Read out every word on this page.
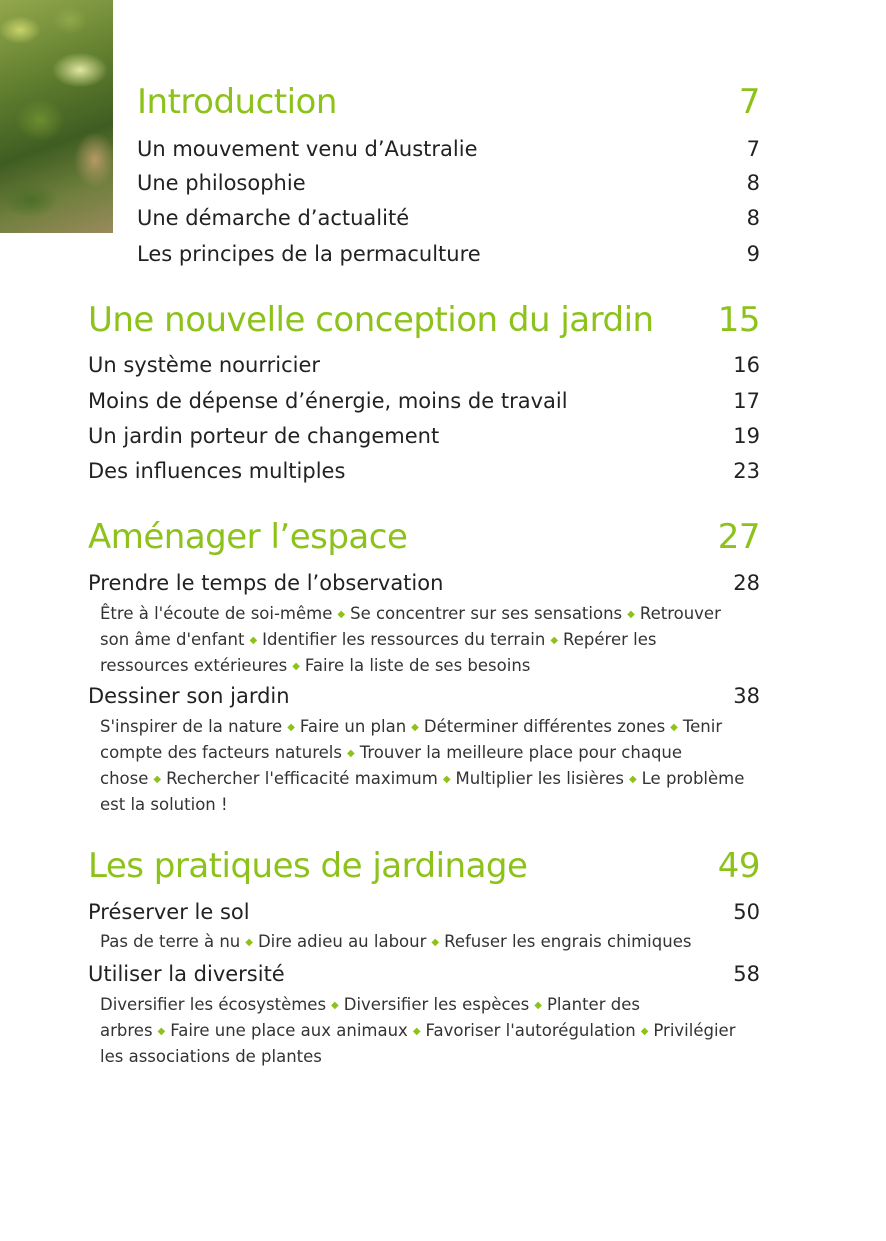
Introduction	7
Un mouvement venu d’Australie	7
Une philosophie	8
Une démarche d’actualité	8
Les principes de la permaculture	9
Une nouvelle conception du jardin 15
Un système nourricier	16
Moins de dépense d’énergie, moins de travail	17
Un jardin porteur de changement	19
Des influences multiples	23
Aménager l’espace	27
Prendre le temps de l’observation	28
Être à l'écoute de soi-même ◆ Se concentrer sur ses sensations ◆ Retrouver son âme d'enfant ◆ Identifier les ressources du terrain ◆ Repérer les ressources extérieures ◆ Faire la liste de ses besoins
Dessiner son jardin	38
S'inspirer de la nature ◆ Faire un plan ◆ Déterminer différentes zones ◆ Tenir compte des facteurs naturels ◆ Trouver la meilleure place pour chaque chose ◆ Rechercher l'efficacité maximum ◆ Multiplier les lisières ◆ Le problème est la solution !
Les pratiques de jardinage	49
Préserver le sol	50
Pas de terre à nu ◆ Dire adieu au labour ◆ Refuser les engrais chimiques
Utiliser la diversité	58
Diversifier les écosystèmes ◆ Diversifier les espèces ◆ Planter des arbres ◆ Faire une place aux animaux ◆ Favoriser l'autorégulation ◆ Privilégier les associations de plantes
